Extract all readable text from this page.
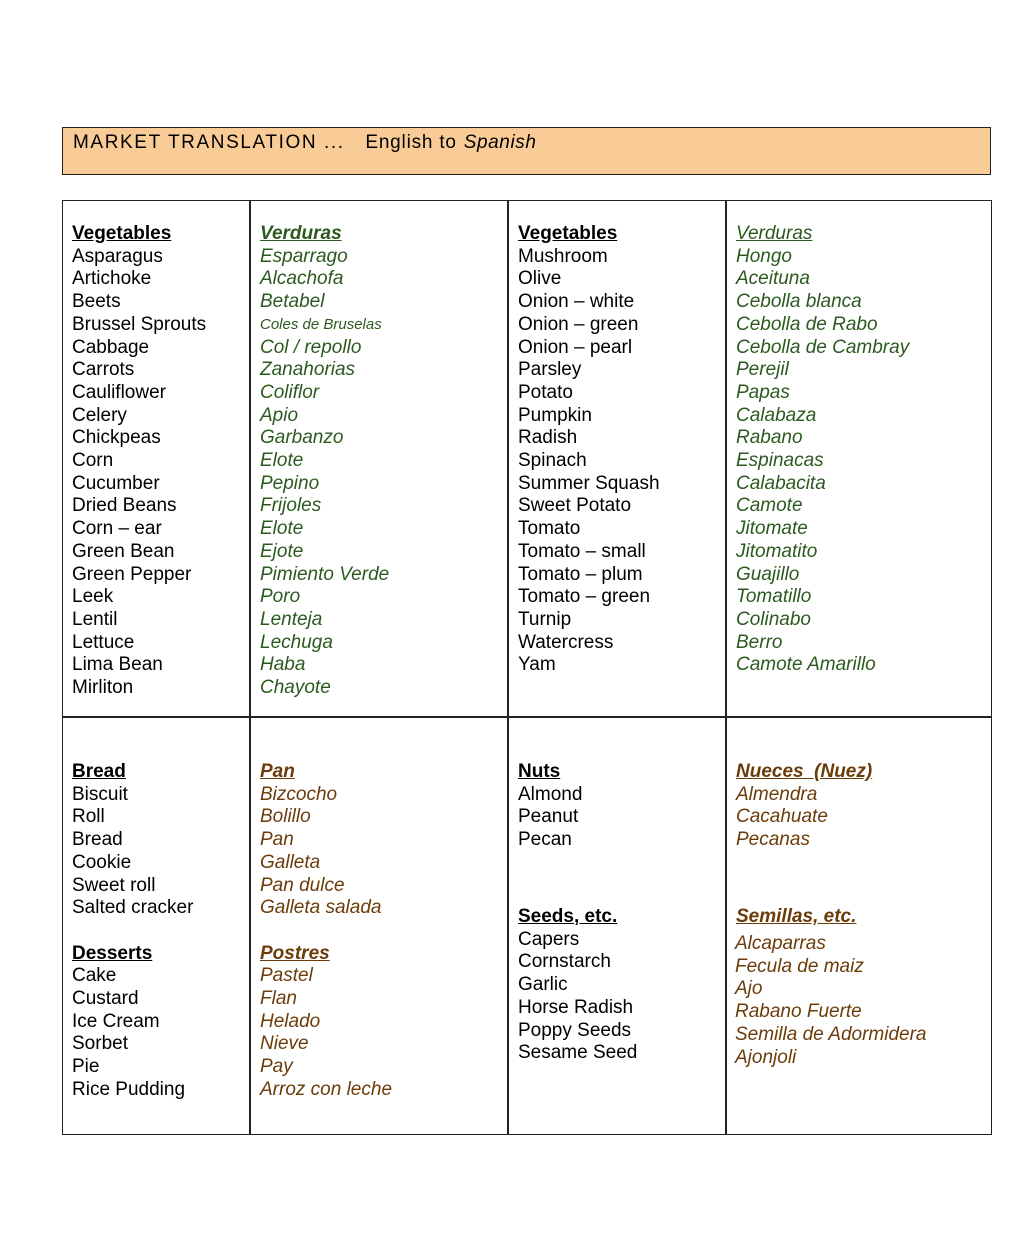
MARKET TRANSLATION ... English to Spanish
Vegetables
Asparagus
Artichoke
Beets
Brussel Sprouts
Cabbage
Carrots
Cauliflower
Celery
Chickpeas
Corn
Cucumber
Dried Beans
Corn – ear
Green Bean
Green Pepper
Leek
Lentil
Lettuce
Lima Bean
Mirliton
Verduras
Esparrago
Alcachofa
Betabel
Coles de Bruselas
Col / repollo
Zanahorias
Coliflor
Apio
Garbanzo
Elote
Pepino
Frijoles
Elote
Ejote
Pimiento Verde
Poro
Lenteja
Lechuga
Haba
Chayote
Vegetables
Mushroom
Olive
Onion – white
Onion – green
Onion – pearl
Parsley
Potato
Pumpkin
Radish
Spinach
Summer Squash
Sweet Potato
Tomato
Tomato – small
Tomato – plum
Tomato – green
Turnip
Watercress
Yam
Verduras
Hongo
Aceituna
Cebolla blanca
Cebolla de Rabo
Cebolla de Cambray
Perejil
Papas
Calabaza
Rabano
Espinacas
Calabacita
Camote
Jitomate
Jitomatito
Guajillo
Tomatillo
Colinabo
Berro
Camote Amarillo
Bread
Biscuit
Roll
Bread
Cookie
Sweet roll
Salted cracker
Desserts
Cake
Custard
Ice Cream
Sorbet
Pie
Rice Pudding
Pan
Bizcocho
Bolillo
Pan
Galleta
Pan dulce
Galleta salada
Postres
Pastel
Flan
Helado
Nieve
Pay
Arroz con leche
Nuts
Almond
Peanut
Pecan
Seeds, etc.
Capers
Cornstarch
Garlic
Horse Radish
Poppy Seeds
Sesame Seed
Nueces  (Nuez)
Almendra
Cacahuate
Pecanas
Semillas, etc.
Alcaparras
Fecula de maiz
Ajo
Rabano Fuerte
Semilla de Adormidera
Ajonjoli
